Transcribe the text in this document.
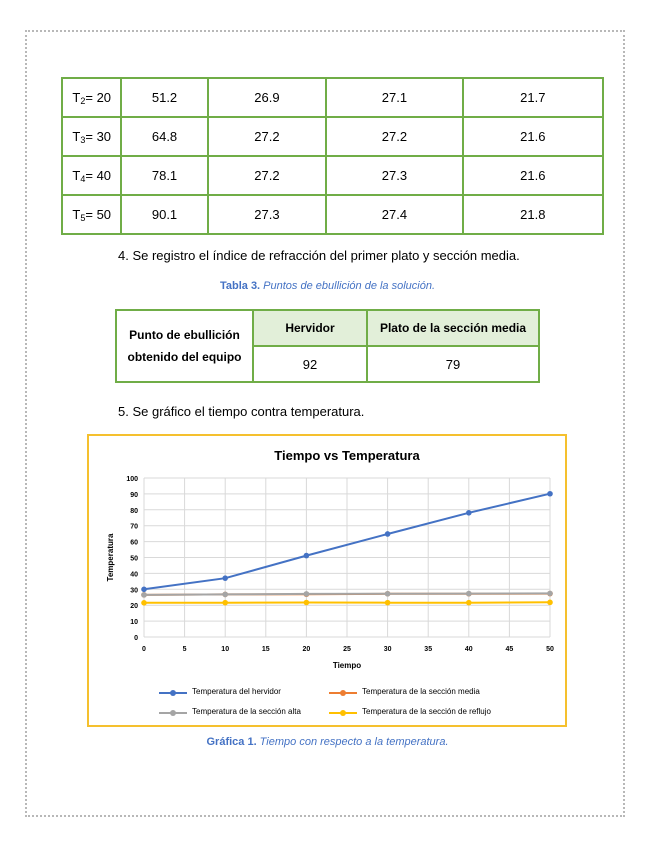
T2= 20	51.2	26.9	27.1	21.7
T3= 30	64.8	27.2	27.2	21.6
T4= 40	78.1	27.2	27.3	21.6
T5= 50	90.1	27.3	27.4	21.8
4. Se registro el índice de refracción del primer plato y sección media.
Tabla 3. Puntos de ebullición de la solución.
Punto de ebullición obtenido del equipo	Hervidor	Plato de la sección media
	92	79
5. Se gráfico el tiempo contra temperatura.
Tiempo vs Temperatura
0
10
20
30
40
50
60
70
80
90
100
0	5	10	15	20	25	30	35	40	45	50
Tiempo
Temperatura
Temperatura del hervidor	Temperatura de la sección media
Temperatura de la sección alta	Temperatura de la sección de reflujo
Gráfica 1. Tiempo con respecto a la temperatura.
